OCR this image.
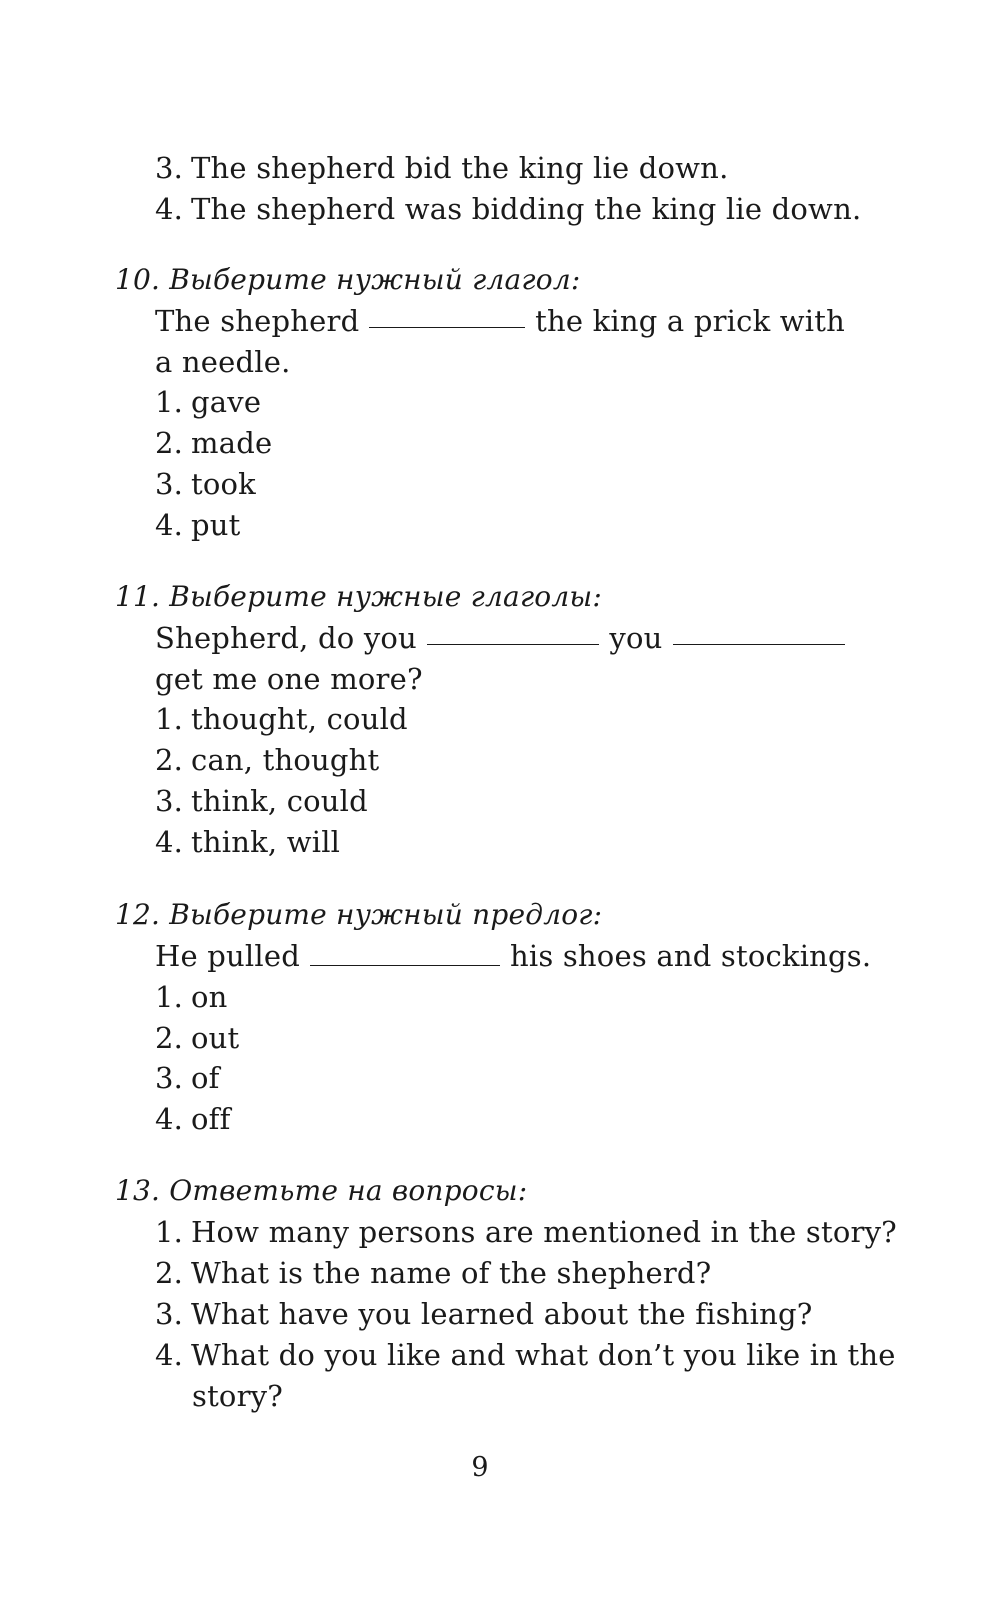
3. The shepherd bid the king lie down.
4. The shepherd was bidding the king lie down.
10. Выберите нужный глагол:
The shepherd	the king a prick with
a needle.
1. gave
2. made
3. took
4. put
11. Выберите нужные глаголы:
Shepherd, do you	you
get me one more?
1. thought, could
2. can, thought
3. think, could
4. think, will
12. Выберите нужный предлог:
He pulled	his shoes and stockings.
1. on
2. out
3. of
4. off
13. Ответьте на вопросы:
1. How many persons are mentioned in the story?
2. What is the name of the shepherd?
3. What have you learned about the fishing?
4. What do you like and what don’t you like in the
story?
9
